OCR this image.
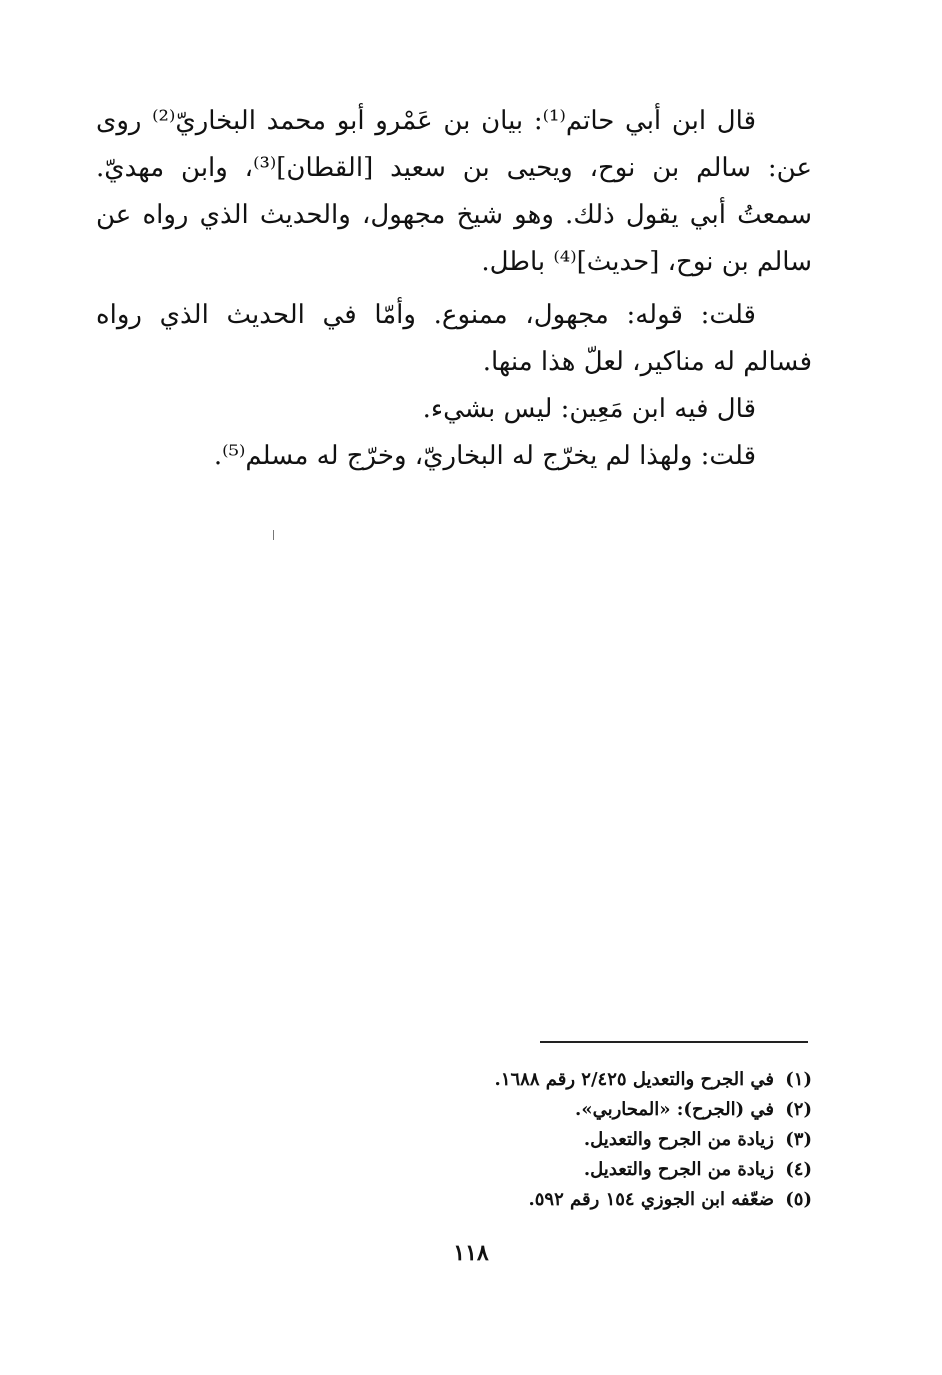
قال ابن أبي حاتم⁽¹⁾: بيان بن عَمْرو أبو محمد البخاريّ⁽²⁾ روى عن: سالم بن نوح، ويحيى بن سعيد [القطان]⁽³⁾، وابن مهديّ. سمعتُ أبي يقول ذلك. وهو شيخ مجهول، والحديث الذي رواه عن سالم بن نوح، [حديث]⁽⁴⁾ باطل.

قلت: قوله: مجهول، ممنوع. وأمّا في الحديث الذي رواه فسالم له مناكير، لعلّ هذا منها.

قال فيه ابن مَعِين: ليس بشيء.

قلت: ولهذا لم يخرّج له البخاريّ، وخرّج له مسلم⁽⁵⁾.

(١)
في الجرح والتعديل ٢/٤٢٥ رقم ١٦٨٨.
(٢)
في (الجرح): «المحاربي».
(٣)
زيادة من الجرح والتعديل.
(٤)
زيادة من الجرح والتعديل.
(٥)
ضعّفه ابن الجوزي ١٥٤ رقم ٥٩٢.
١١٨
